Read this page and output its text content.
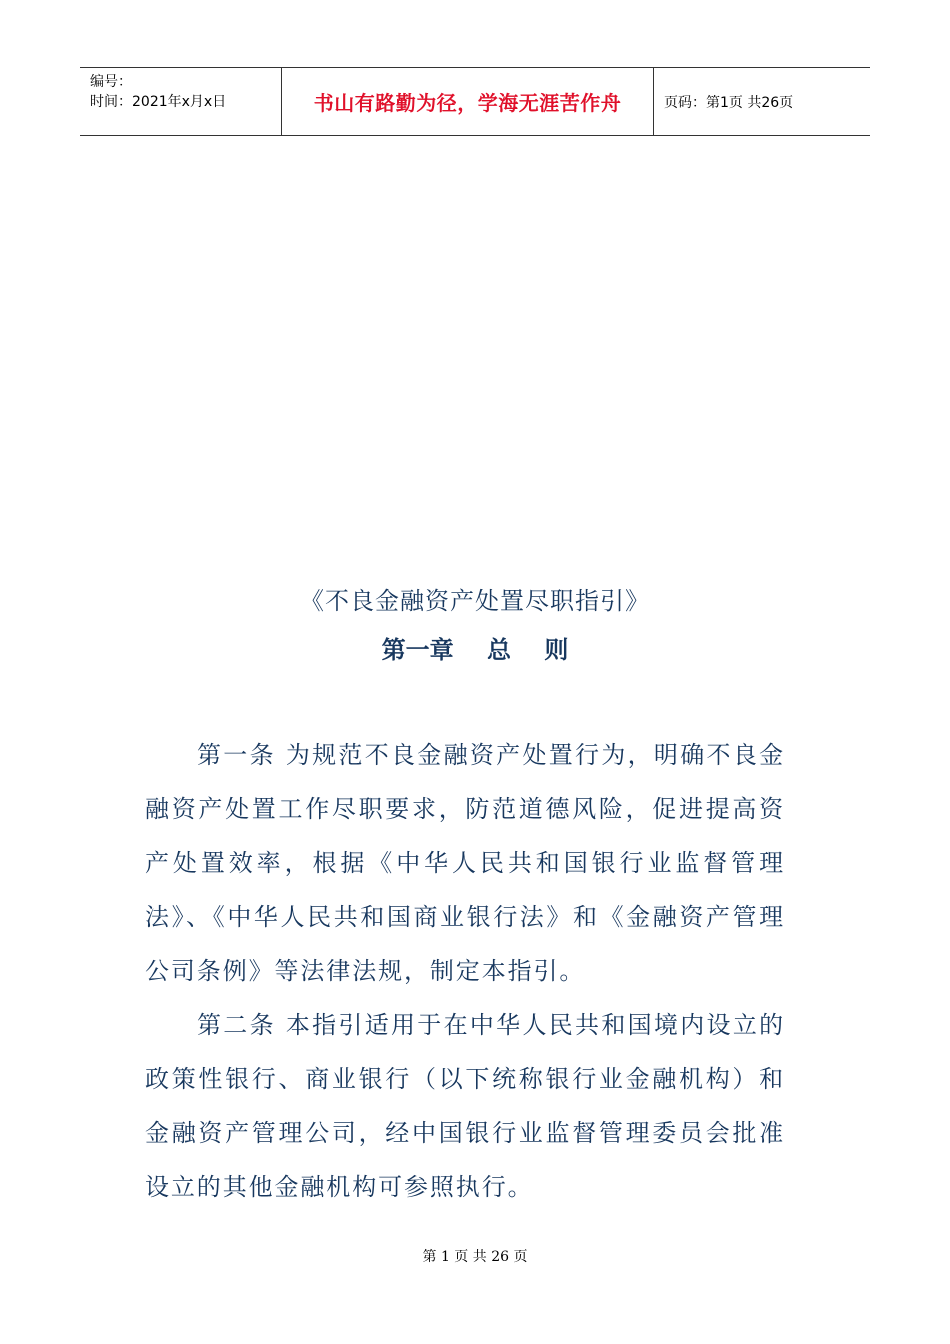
编号：
时间：2021年x月x日	书山有路勤为径，学海无涯苦作舟	页码：第1页 共26页
《不良金融资产处置尽职指引》
第一章    总    则

第一条 为规范不良金融资产处置行为，明确不良金融资产处置工作尽职要求，防范道德风险，促进提高资产处置效率，根据《中华人民共和国银行业监督管理法》、《中华人民共和国商业银行法》和《金融资产管理公司条例》等法律法规，制定本指引。

第二条 本指引适用于在中华人民共和国境内设立的政策性银行、商业银行（以下统称银行业金融机构）和金融资产管理公司，经中国银行业监督管理委员会批准设立的其他金融机构可参照执行。

第 1 页 共 26 页
